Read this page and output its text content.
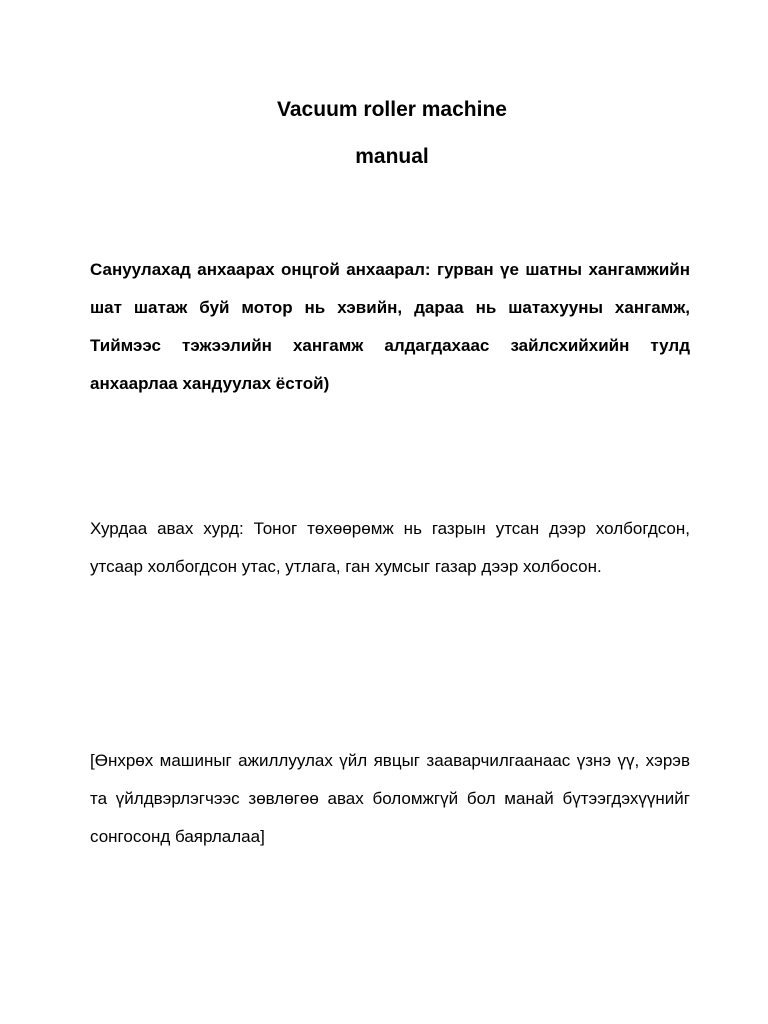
Vacuum roller machine
manual

Сануулахад анхаарах онцгой анхаарал: гурван үе шатны хангамжийн шат шатаж буй мотор нь хэвийн, дараа нь шатахууны хангамж, Тиймээс тэжээлийн хангамж алдагдахаас зайлсхийхийн тулд анхаарлаа хандуулах ёстой)

Хурдаа авах хурд: Тоног төхөөрөмж нь газрын утсан дээр холбогдсон, утсаар холбогдсон утас, утлага, ган хумсыг газар дээр холбосон.

[Өнхрөх машиныг ажиллуулах үйл явцыг зааварчилгаанаас үзнэ үү, хэрэв та үйлдвэрлэгчээс зөвлөгөө авах боломжгүй бол манай бүтээгдэхүүнийг сонгосонд баярлалаа]
